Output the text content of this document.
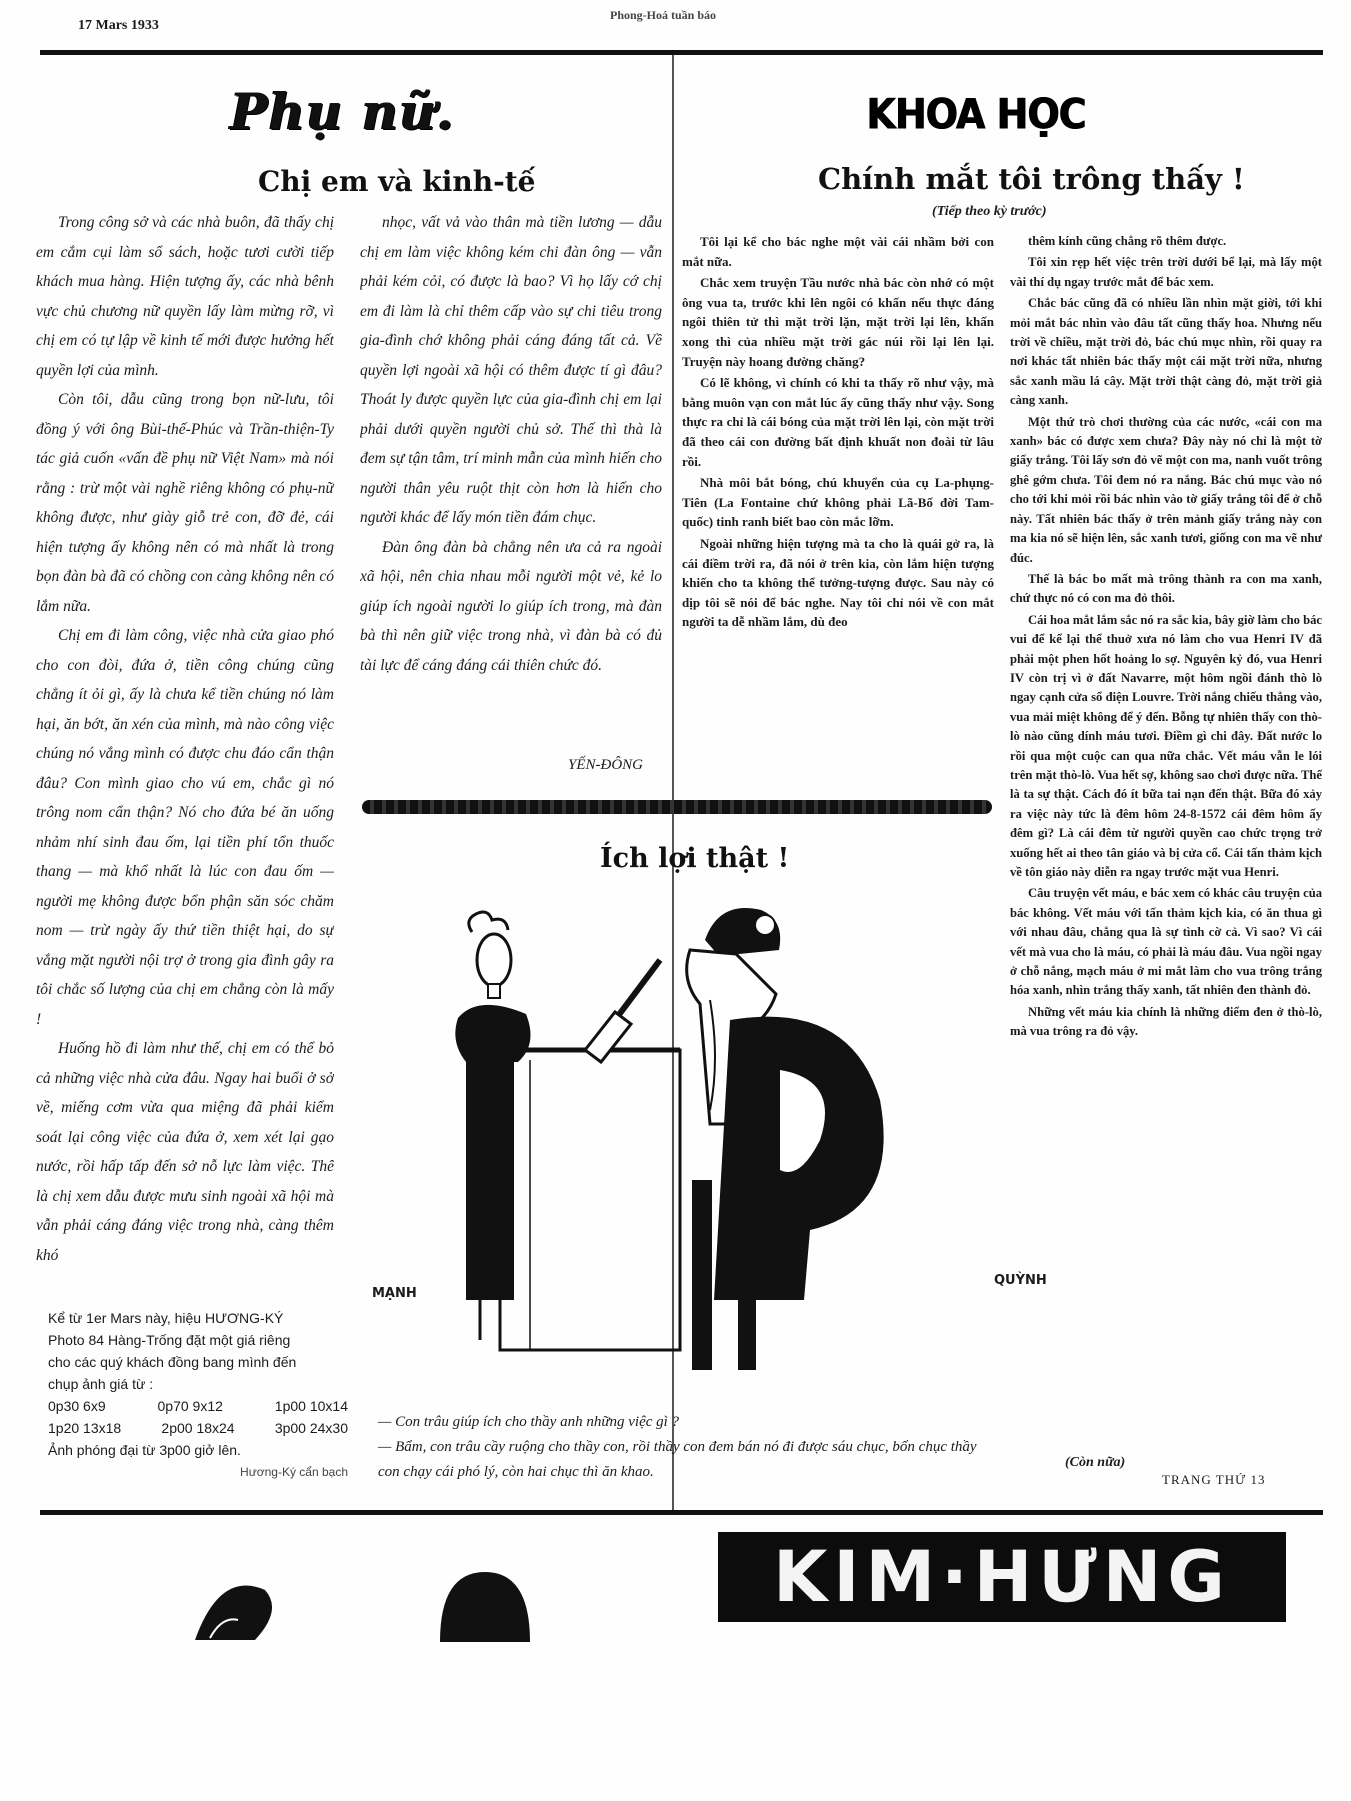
17 Mars 1933
Phong-Hoá tuần báo
Phụ nữ.
Chị em và kinh-tế

Trong công sở và các nhà buôn, đã thấy chị em cắm cụi làm sổ sách, hoặc tươi cười tiếp khách mua hàng. Hiện tượng ấy, các nhà bênh vực chủ chương nữ quyền lấy làm mừng rỡ, vì chị em có tự lập về kinh tế mới được hưởng hết quyền lợi của mình.

Còn tôi, dẫu cũng trong bọn nữ-lưu, tôi đồng ý với ông Bùi-thế-Phúc và Trần-thiện-Ty tác giả cuốn «vấn đề phụ nữ Việt Nam» mà nói rằng : trừ một vài nghề riêng không có phụ-nữ không được, như giày giỗ trẻ con, đỡ đẻ, cái hiện tượng ấy không nên có mà nhất là trong bọn đàn bà đã có chồng con càng không nên có lắm nữa.

Chị em đi làm công, việc nhà cửa giao phó cho con đòi, đứa ở, tiền công chúng cũng chẳng ít ỏi gì, ấy là chưa kể tiền chúng nó làm hại, ăn bớt, ăn xén của mình, mà nào công việc chúng nó vắng mình có được chu đáo cẩn thận đâu? Con mình giao cho vú em, chắc gì nó trông nom cẩn thận? Nó cho đứa bé ăn uống nhảm nhí sinh đau ốm, lại tiền phí tổn thuốc thang — mà khổ nhất là lúc con đau ốm — người mẹ không được bổn phận săn sóc chăm nom — trừ ngày ấy thứ tiền thiệt hại, do sự vắng mặt người nội trợ ở trong gia đình gây ra tôi chắc số lượng của chị em chẳng còn là mấy !

Huống hồ đi làm như thế, chị em có thể bỏ cả những việc nhà cửa đâu. Ngay hai buổi ở sở về, miếng cơm vừa qua miệng đã phải kiểm soát lại công việc của đứa ở, xem xét lại gạo nước, rồi hấp tấp đến sở nỗ lực làm việc. Thế là chị xem dẫu được mưu sinh ngoài xã hội mà vẫn phải cáng đáng việc trong nhà, càng thêm khó

nhọc, vất vả vào thân mà tiền lương — dẫu chị em làm việc không kém chi đàn ông — vẫn phải kém cỏi, có được là bao? Vì họ lấy cớ chị em đi làm là chỉ thêm cấp vào sự chi tiêu trong gia-đình chớ không phải cáng đáng tất cả. Về quyền lợi ngoài xã hội có thêm được tí gì đâu? Thoát ly được quyền lực của gia-đình chị em lại phải dưới quyền người chủ sở. Thế thì thà là đem sự tận tâm, trí minh mẫn của mình hiến cho người thân yêu ruột thịt còn hơn là hiến cho người khác để lấy món tiền đám chục.

Đàn ông đàn bà chẳng nên ưa cả ra ngoài xã hội, nên chia nhau mỗi người một vẻ, kẻ lo giúp ích ngoài người lo giúp ích trong, mà đàn bà thì nên giữ việc trong nhà, vì đàn bà có đủ tài lực để cáng đáng cái thiên chức đó.

YẾN-ĐÔNG
KHOA HỌC
Chính mắt tôi trông thấy !
(Tiếp theo kỳ trước)

Tôi lại kể cho bác nghe một vài cái nhầm bởi con mắt nữa.

Chắc xem truyện Tầu nước nhà bác còn nhớ có một ông vua ta, trước khi lên ngôi có khấn nếu thực đáng ngôi thiên tử thì mặt trời lặn, mặt trời lại lên, khấn xong thì của nhiều mặt trời gác núi rồi lại lên lại. Truyện này hoang đường chăng?

Có lẽ không, vì chính có khi ta thấy rõ như vậy, mà bằng muôn vạn con mắt lúc ấy cũng thấy như vậy. Song thực ra chỉ là cái bóng của mặt trời lên lại, còn mặt trời đã theo cái con đường bất định khuất non đoài từ lâu rồi.

Nhà môi bắt bóng, chú khuyển của cụ La-phụng-Tiên (La Fontaine chứ không phải Lã-Bố đời Tam-quốc) tinh ranh biết bao còn mắc lỡm.

Ngoài những hiện tượng mà ta cho là quái gở ra, là cái điềm trời ra, đã nói ở trên kia, còn lắm hiện tượng khiến cho ta không thể tưởng-tượng được. Sau này có dịp tôi sẽ nói để bác nghe. Nay tôi chỉ nói về con mắt người ta dễ nhầm lắm, dù đeo

thêm kính cũng chẳng rõ thêm được.

Tôi xin rẹp hết việc trên trời dưới bể lại, mà lấy một vài thí dụ ngay trước mắt để bác xem.

Chắc bác cũng đã có nhiều lần nhìn mặt giời, tới khi mỏi mắt bác nhìn vào đâu tất cũng thấy hoa. Nhưng nếu trời về chiều, mặt trời đỏ, bác chú mục nhìn, rồi quay ra nơi khác tất nhiên bác thấy một cái mặt trời nữa, nhưng sắc xanh mầu lá cây. Mặt trời thật càng đỏ, mặt trời giả càng xanh.

Một thứ trò chơi thường của các nước, «cái con ma xanh» bác có được xem chưa? Đây này nó chỉ là một tờ giấy trắng. Tôi lấy sơn đỏ vẽ một con ma, nanh vuốt trông ghê gớm chưa. Tôi đem nó ra nắng. Bác chú mục vào nó cho tới khi mỏi rồi bác nhìn vào tờ giấy trắng tôi để ở chỗ này. Tất nhiên bác thấy ở trên mảnh giấy trắng này con ma kia nó sẽ hiện lên, sắc xanh tươi, giống con ma vẽ như đúc.

Thế là bác bo mất mà trông thành ra con ma xanh, chứ thực nó có con ma đỏ thôi.

Cái hoa mắt lắm sắc nó ra sắc kia, bây giờ làm cho bác vui để kể lại thể thuở xưa nó làm cho vua Henri IV đã phải một phen hốt hoảng lo sợ. Nguyên kỷ đó, vua Henri IV còn trị vì ở đất Navarre, một hôm ngồi đánh thò lò ngay cạnh cửa sổ điện Louvre. Trời nắng chiếu thẳng vào, vua mải miệt không để ý đến. Bỗng tự nhiên thấy con thò-lò nào cũng dính máu tươi. Điềm gì chi đây. Đất nước lo rồi qua một cuộc can qua nữa chắc. Vết máu vẫn le lói trên mặt thò-lò. Vua hết sợ, không sao chơi được nữa. Thế là ta sự thật. Cách đó ít bữa tai nạn đến thật. Bữa đó xảy ra việc này tức là đêm hôm 24-8-1572 cái đêm hôm ấy đêm gì? Là cái đêm từ người quyền cao chức trọng trở xuống hết ai theo tân giáo và bị cửa cổ. Cái tấn thảm kịch về tôn giáo này diễn ra ngay trước mặt vua Henri.

Câu truyện vết máu, e bác xem có khác câu truyện của bác không. Vết máu với tấn thảm kịch kia, có ăn thua gì với nhau đâu, chẳng qua là sự tình cờ cả. Vì sao? Vì cái vết mà vua cho là máu, có phải là máu đâu. Vua ngồi ngay ở chỗ nắng, mạch máu ở mi mắt làm cho vua trông trắng hóa xanh, nhìn trắng thấy xanh, tất nhiên đen thành đỏ.

Những vết máu kia chính là những điểm đen ở thò-lò, mà vua trông ra đỏ vậy.

(Còn nữa)
Ích lợi thật !
MẠNH
QUỲNH
— Con trâu giúp ích cho thầy anh những việc gì ?
— Bẩm, con trâu cầy ruộng cho thầy con, rồi thầy con đem bán nó đi được sáu chục, bốn chục thầy con chạy cái phó lý, còn hai chục thì ăn khao.
Kể từ 1er Mars này, hiệu HƯƠNG-KÝ
Photo 84 Hàng-Trống đặt một giá riêng
cho các quý khách đồng bang mình đến
chụp ảnh giá từ :
0p30 6x9	0p70 9x12	1p00 10x14
1p20 13x18	2p00 18x24	3p00 24x30
Ảnh phóng đại từ 3p00 giở lên.
Hương-Ký cẩn bạch	TRANG THỨ 13
KIM·HƯNG
